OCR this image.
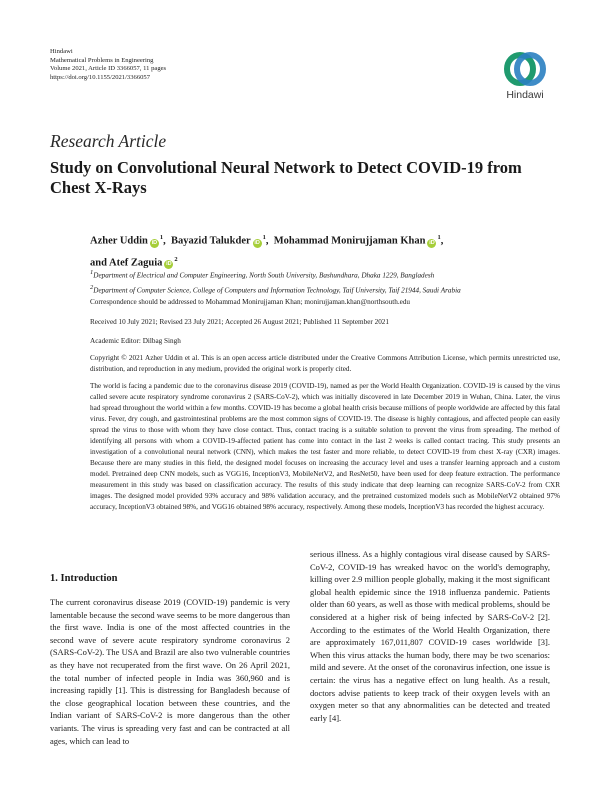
Hindawi
Mathematical Problems in Engineering
Volume 2021, Article ID 3366057, 11 pages
https://doi.org/10.1155/2021/3366057
Hindawi
Research Article
Study on Convolutional Neural Network to Detect COVID-19 from Chest X-Rays
Azher Uddin $iD^1$,  Bayazid Talukder $iD^1$,  Mohammad Monirujjaman Khan $iD^1$,
and Atef Zaguia $iD^2$
$^1$Department of Electrical and Computer Engineering, North South University, Bashundhara, Dhaka 1229, Bangladesh
$^2$Department of Computer Science, College of Computers and Information Technology, Taif University, Taif 21944, Saudi Arabia
Correspondence should be addressed to Mohammad Monirujjaman Khan; monirujjaman.khan@northsouth.edu
Received 10 July 2021; Revised 23 July 2021; Accepted 26 August 2021; Published 11 September 2021
Academic Editor: Dilbag Singh
Copyright © 2021 Azher Uddin et al. This is an open access article distributed under the Creative Commons Attribution License, which permits unrestricted use, distribution, and reproduction in any medium, provided the original work is properly cited.
The world is facing a pandemic due to the coronavirus disease 2019 (COVID-19), named as per the World Health Organization. COVID-19 is caused by the virus called severe acute respiratory syndrome coronavirus 2 (SARS-CoV-2), which was initially discovered in late December 2019 in Wuhan, China. Later, the virus had spread throughout the world within a few months. COVID-19 has become a global health crisis because millions of people worldwide are affected by this fatal virus. Fever, dry cough, and gastrointestinal problems are the most common signs of COVID-19. The disease is highly contagious, and affected people can easily spread the virus to those with whom they have close contact. Thus, contact tracing is a suitable solution to prevent the virus from spreading. The method of identifying all persons with whom a COVID-19-affected patient has come into contact in the last 2 weeks is called contact tracing. This study presents an investigation of a convolutional neural network (CNN), which makes the test faster and more reliable, to detect COVID-19 from chest X-ray (CXR) images. Because there are many studies in this field, the designed model focuses on increasing the accuracy level and uses a transfer learning approach and a custom model. Pretrained deep CNN models, such as VGG16, InceptionV3, MobileNetV2, and ResNet50, have been used for deep feature extraction. The performance measurement in this study was based on classification accuracy. The results of this study indicate that deep learning can recognize SARS-CoV-2 from CXR images. The designed model provided 93% accuracy and 98% validation accuracy, and the pretrained customized models such as MobileNetV2 obtained 97% accuracy, InceptionV3 obtained 98%, and VGG16 obtained 98% accuracy, respectively. Among these models, InceptionV3 has recorded the highest accuracy.
1. Introduction
The current coronavirus disease 2019 (COVID-19) pandemic is very lamentable because the second wave seems to be more dangerous than the first wave. India is one of the most affected countries in the second wave of severe acute respiratory syndrome coronavirus 2 (SARS-CoV-2). The USA and Brazil are also two vulnerable countries as they have not recuperated from the first wave. On 26 April 2021, the total number of infected people in India was 360,960 and is increasing rapidly [1]. This is distressing for Bangladesh because of the close geographical location between these countries, and the Indian variant of SARS-CoV-2 is more dangerous than the other variants. The virus is spreading very fast and can be contracted at all ages, which can lead to
serious illness. As a highly contagious viral disease caused by SARS-CoV-2, COVID-19 has wreaked havoc on the world's demography, killing over 2.9 million people globally, making it the most significant global health epidemic since the 1918 influenza pandemic. Patients older than 60 years, as well as those with medical problems, should be considered at a higher risk of being infected by SARS-CoV-2 [2]. According to the estimates of the World Health Organization, there are approximately 167,011,807 COVID-19 cases worldwide [3]. When this virus attacks the human body, there may be two scenarios: mild and severe. At the onset of the coronavirus infection, one issue is certain: the virus has a negative effect on lung health. As a result, doctors advise patients to keep track of their oxygen levels with an oxygen meter so that any abnormalities can be detected and treated early [4].
